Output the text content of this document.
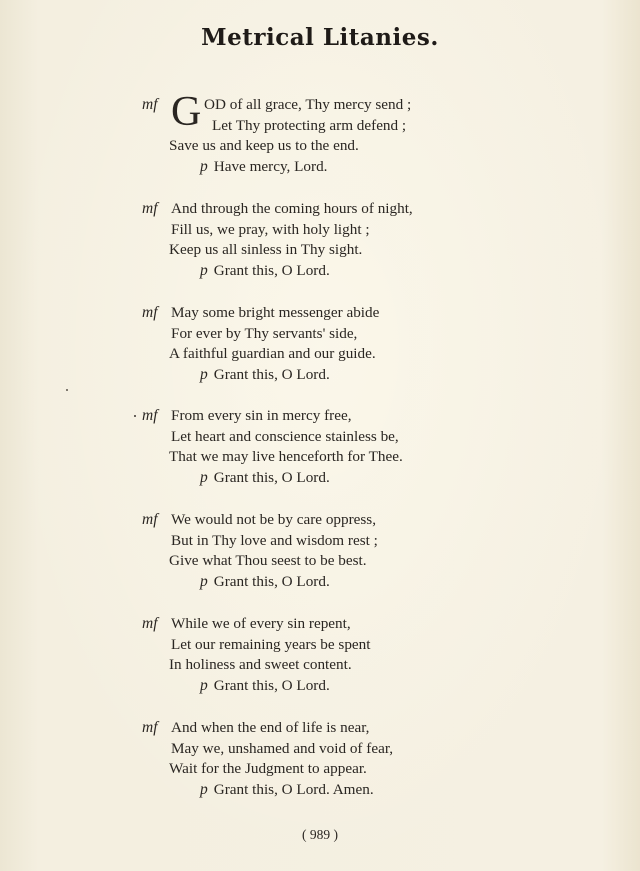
Metrical Litanies.
mf G OD of all grace, Thy mercy send ;
Let Thy protecting arm defend ;
Save us and keep us to the end.
p Have mercy, Lord.
mf And through the coming hours of night,
Fill us, we pray, with holy light ;
Keep us all sinless in Thy sight.
p Grant this, O Lord.
mf May some bright messenger abide
For ever by Thy servants' side,
A faithful guardian and our guide.
p Grant this, O Lord.
mf From every sin in mercy free,
Let heart and conscience stainless be,
That we may live henceforth for Thee.
p Grant this, O Lord.
mf We would not be by care oppress,
But in Thy love and wisdom rest ;
Give what Thou seest to be best.
p Grant this, O Lord.
mf While we of every sin repent,
Let our remaining years be spent
In holiness and sweet content.
p Grant this, O Lord.
mf And when the end of life is near,
May we, unshamed and void of fear,
Wait for the Judgment to appear.
p Grant this, O Lord. Amen.
( 989 )
